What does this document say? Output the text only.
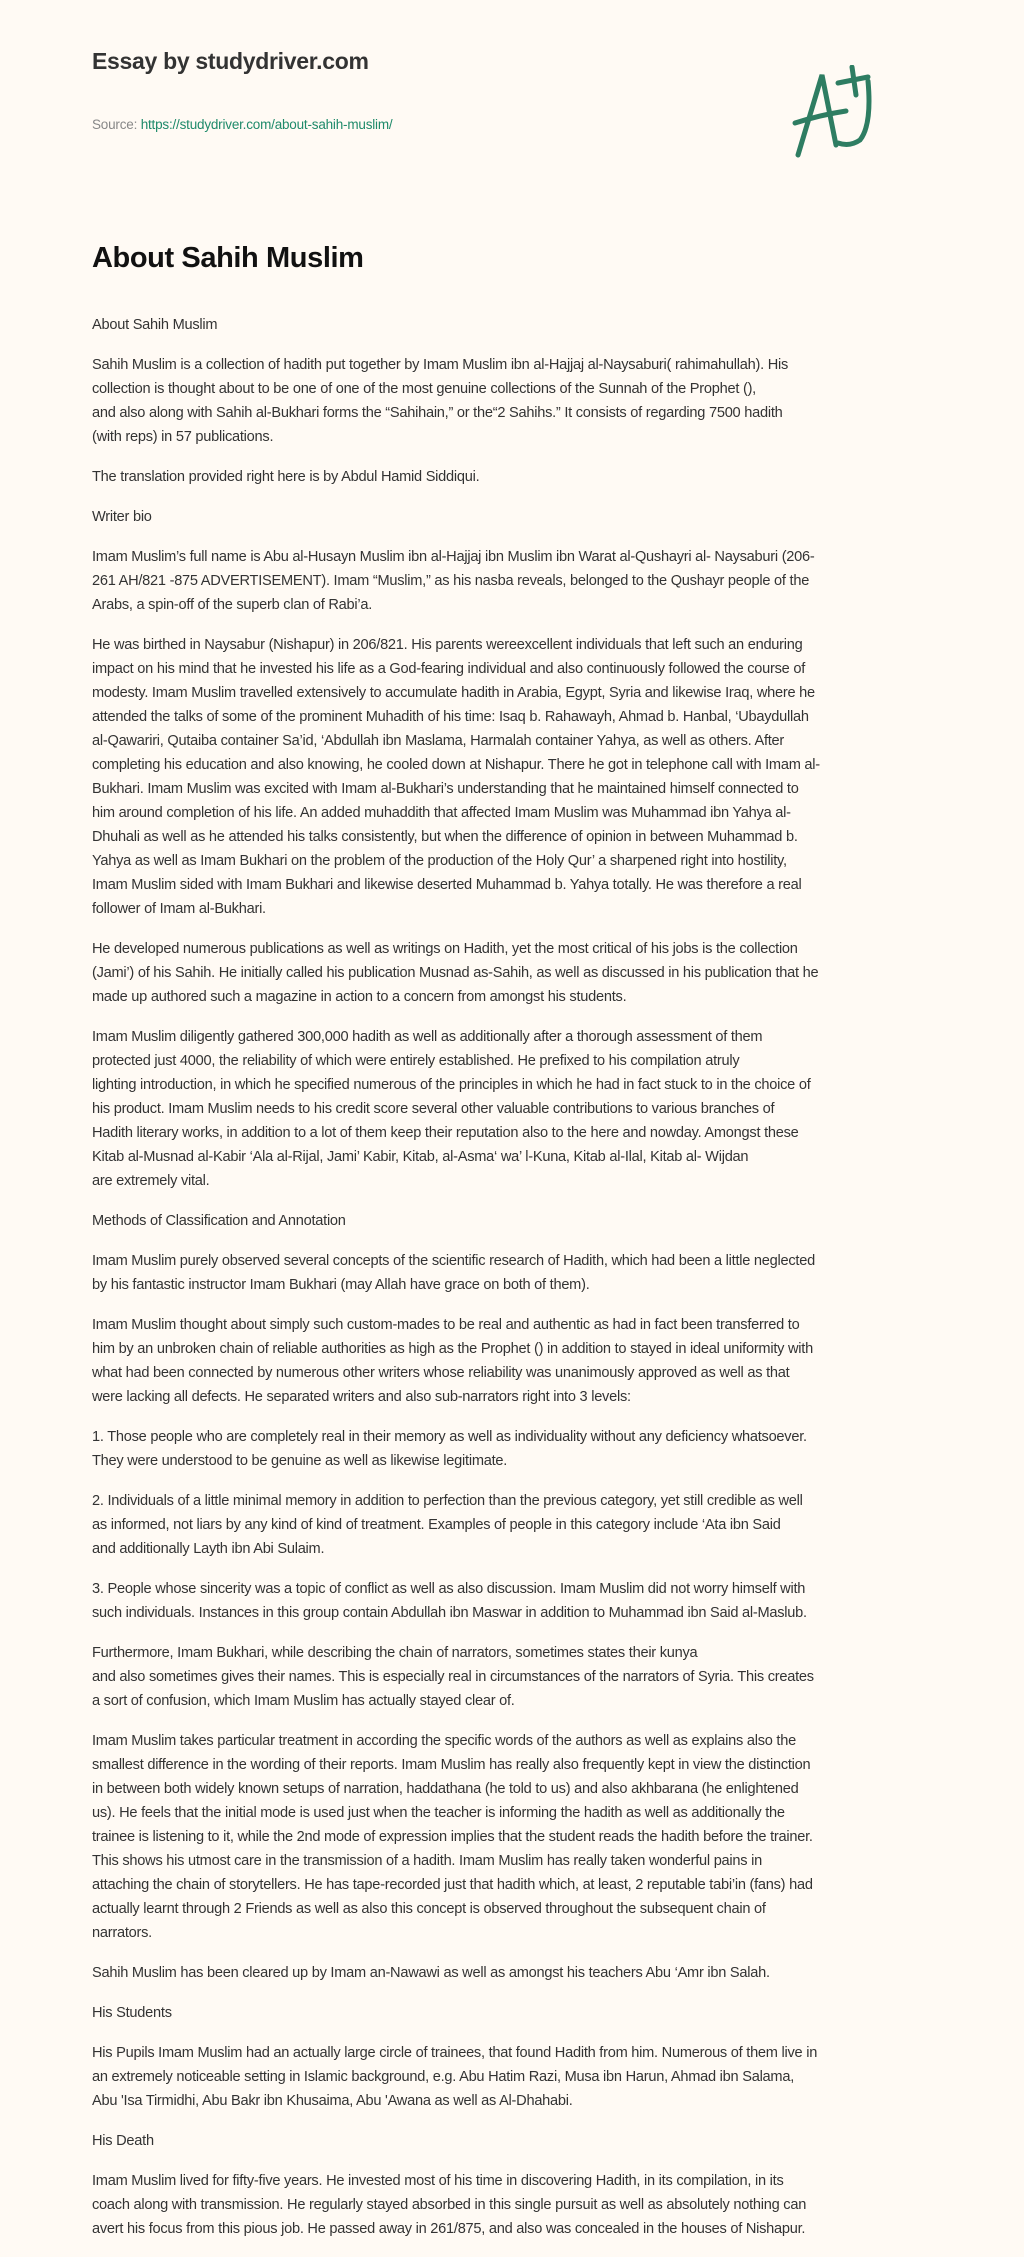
Essay by studydriver.com
Source: https://studydriver.com/about-sahih-muslim/
About Sahih Muslim

About Sahih Muslim

Sahih Muslim is a collection of hadith put together by Imam Muslim ibn al-Hajjaj al-Naysaburi( rahimahullah). His
collection is thought about to be one of one of the most genuine collections of the Sunnah of the Prophet (),
and also along with Sahih al-Bukhari forms the “Sahihain,” or the“2 Sahihs.” It consists of regarding 7500 hadith
(with reps) in 57 publications.

The translation provided right here is by Abdul Hamid Siddiqui.

Writer bio

Imam Muslim’s full name is Abu al-Husayn Muslim ibn al-Hajjaj ibn Muslim ibn Warat al-Qushayri al- Naysaburi (206-
261 AH/821 -875 ADVERTISEMENT). Imam “Muslim,” as his nasba reveals, belonged to the Qushayr people of the
Arabs, a spin-off of the superb clan of Rabi’a.

He was birthed in Naysabur (Nishapur) in 206/821. His parents wereexcellent individuals that left such an enduring
impact on his mind that he invested his life as a God-fearing individual and also continuously followed the course of
modesty. Imam Muslim travelled extensively to accumulate hadith in Arabia, Egypt, Syria and likewise Iraq, where he
attended the talks of some of the prominent Muhadith of his time: Isaq b. Rahawayh, Ahmad b. Hanbal, ‘Ubaydullah
al-Qawariri, Qutaiba container Sa’id, ‘Abdullah ibn Maslama, Harmalah container Yahya, as well as others. After
completing his education and also knowing, he cooled down at Nishapur. There he got in telephone call with Imam al-
Bukhari. Imam Muslim was excited with Imam al-Bukhari’s understanding that he maintained himself connected to
him around completion of his life. An added muhaddith that affected Imam Muslim was Muhammad ibn Yahya al-
Dhuhali as well as he attended his talks consistently, but when the difference of opinion in between Muhammad b.
Yahya as well as Imam Bukhari on the problem of the production of the Holy Qur’ a sharpened right into hostility,
Imam Muslim sided with Imam Bukhari and likewise deserted Muhammad b. Yahya totally. He was therefore a real
follower of Imam al-Bukhari.

He developed numerous publications as well as writings on Hadith, yet the most critical of his jobs is the collection
(Jami’) of his Sahih. He initially called his publication Musnad as-Sahih, as well as discussed in his publication that he
made up authored such a magazine in action to a concern from amongst his students.

Imam Muslim diligently gathered 300,000 hadith as well as additionally after a thorough assessment of them
protected just 4000, the reliability of which were entirely established. He prefixed to his compilation atruly
lighting introduction, in which he specified numerous of the principles in which he had in fact stuck to in the choice of
his product. Imam Muslim needs to his credit score several other valuable contributions to various branches of
Hadith literary works, in addition to a lot of them keep their reputation also to the here and nowday. Amongst these
Kitab al-Musnad al-Kabir ‘Ala al-Rijal, Jami’ Kabir, Kitab, al-Asma‘ wa’ l-Kuna, Kitab al-Ilal, Kitab al- Wijdan
are extremely vital.

Methods of Classification and Annotation

Imam Muslim purely observed several concepts of the scientific research of Hadith, which had been a little neglected
by his fantastic instructor Imam Bukhari (may Allah have grace on both of them).

Imam Muslim thought about simply such custom-mades to be real and authentic as had in fact been transferred to
him by an unbroken chain of reliable authorities as high as the Prophet () in addition to stayed in ideal uniformity with
what had been connected by numerous other writers whose reliability was unanimously approved as well as that
were lacking all defects. He separated writers and also sub-narrators right into 3 levels:

1. Those people who are completely real in their memory as well as individuality without any deficiency whatsoever.
They were understood to be genuine as well as likewise legitimate.

2. Individuals of a little minimal memory in addition to perfection than the previous category, yet still credible as well
as informed, not liars by any kind of kind of treatment. Examples of people in this category include ‘Ata ibn Said
and additionally Layth ibn Abi Sulaim.

3. People whose sincerity was a topic of conflict as well as also discussion. Imam Muslim did not worry himself with
such individuals. Instances in this group contain Abdullah ibn Maswar in addition to Muhammad ibn Said al-Maslub.

Furthermore, Imam Bukhari, while describing the chain of narrators, sometimes states their kunya
and also sometimes gives their names. This is especially real in circumstances of the narrators of Syria. This creates
a sort of confusion, which Imam Muslim has actually stayed clear of.

Imam Muslim takes particular treatment in according the specific words of the authors as well as explains also the
smallest difference in the wording of their reports. Imam Muslim has really also frequently kept in view the distinction
in between both widely known setups of narration, haddathana (he told to us) and also akhbarana (he enlightened
us). He feels that the initial mode is used just when the teacher is informing the hadith as well as additionally the
trainee is listening to it, while the 2nd mode of expression implies that the student reads the hadith before the trainer.
This shows his utmost care in the transmission of a hadith. Imam Muslim has really taken wonderful pains in
attaching the chain of storytellers. He has tape-recorded just that hadith which, at least, 2 reputable tabi’in (fans) had
actually learnt through 2 Friends as well as also this concept is observed throughout the subsequent chain of
narrators.

Sahih Muslim has been cleared up by Imam an-Nawawi as well as amongst his teachers Abu ‘Amr ibn Salah.

His Students

His Pupils Imam Muslim had an actually large circle of trainees, that found Hadith from him. Numerous of them live in
an extremely noticeable setting in Islamic background, e.g. Abu Hatim Razi, Musa ibn Harun, Ahmad ibn Salama,
Abu 'Isa Tirmidhi, Abu Bakr ibn Khusaima, Abu 'Awana as well as Al-Dhahabi.

His Death

Imam Muslim lived for fifty-five years. He invested most of his time in discovering Hadith, in its compilation, in its
coach along with transmission. He regularly stayed absorbed in this single pursuit as well as absolutely nothing can
avert his focus from this pious job. He passed away in 261/875, and also was concealed in the houses of Nishapur.
